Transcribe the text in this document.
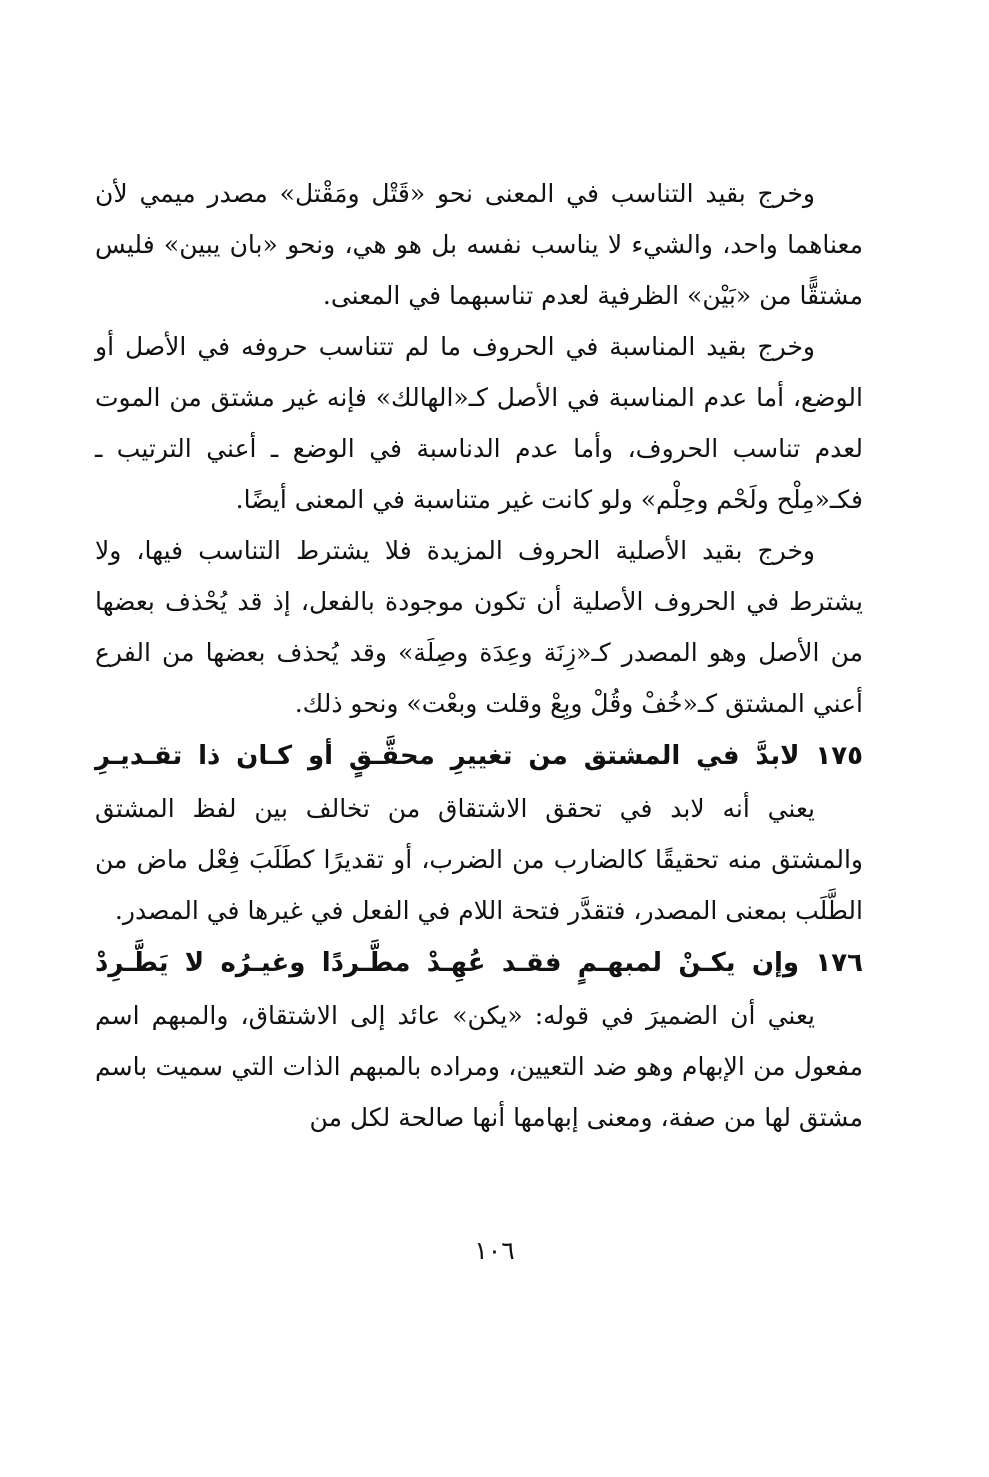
وخرج بقيد التناسب في المعنى نحو «قَتْل ومَقْتل» مصدر ميمي لأن معناهما واحد، والشيء لا يناسب نفسه بل هو هي، ونحو «بان يبين» فليس مشتقًّا من «بَيْن» الظرفية لعدم تناسبهما في المعنى.

وخرج بقيد المناسبة في الحروف ما لم تتناسب حروفه في الأصل أو الوضع، أما عدم المناسبة في الأصل كـ«الهالك» فإنه غير مشتق من الموت لعدم تناسب الحروف، وأما عدم الدناسبة في الوضع ـ أعني الترتيب ـ فكـ«مِلْح ولَحْم وحِلْم» ولو كانت غير متناسبة في المعنى أيضًا.

وخرج بقيد الأصلية الحروف المزيدة فلا يشترط التناسب فيها، ولا يشترط في الحروف الأصلية أن تكون موجودة بالفعل، إذ قد يُحْذف بعضها من الأصل وهو المصدر كـ«زِنَة وعِدَة وصِلَة» وقد يُحذف بعضها من الفرع أعني المشتق كـ«خُفْ وقُلْ وبِعْ وقلت وبعْت» ونحو ذلك.

١٧٥ لابدَّ في المشتق من تغييرِ محقَّـقٍ أو كـان ذا تقـديـرِ

يعني أنه لابد في تحقق الاشتقاق من تخالف بين لفظ المشتق والمشتق منه تحقيقًا كالضارب من الضرب، أو تقديرًا كطَلَبَ فِعْل ماض من الطَّلَب بمعنى المصدر، فتقدَّر فتحة اللام في الفعل في غيرها في المصدر.

١٧٦ وإن يكـنْ لمبهـمٍ فقـد عُهِـدْ مطَّـردًا وغيـرُه لا يَطَّـرِدْ

يعني أن الضميرَ في قوله: «يكن» عائد إلى الاشتقاق، والمبهم اسم مفعول من الإبهام وهو ضد التعيين، ومراده بالمبهم الذات التي سميت باسم مشتق لها من صفة، ومعنى إبهامها أنها صالحة لكل من

١٠٦
